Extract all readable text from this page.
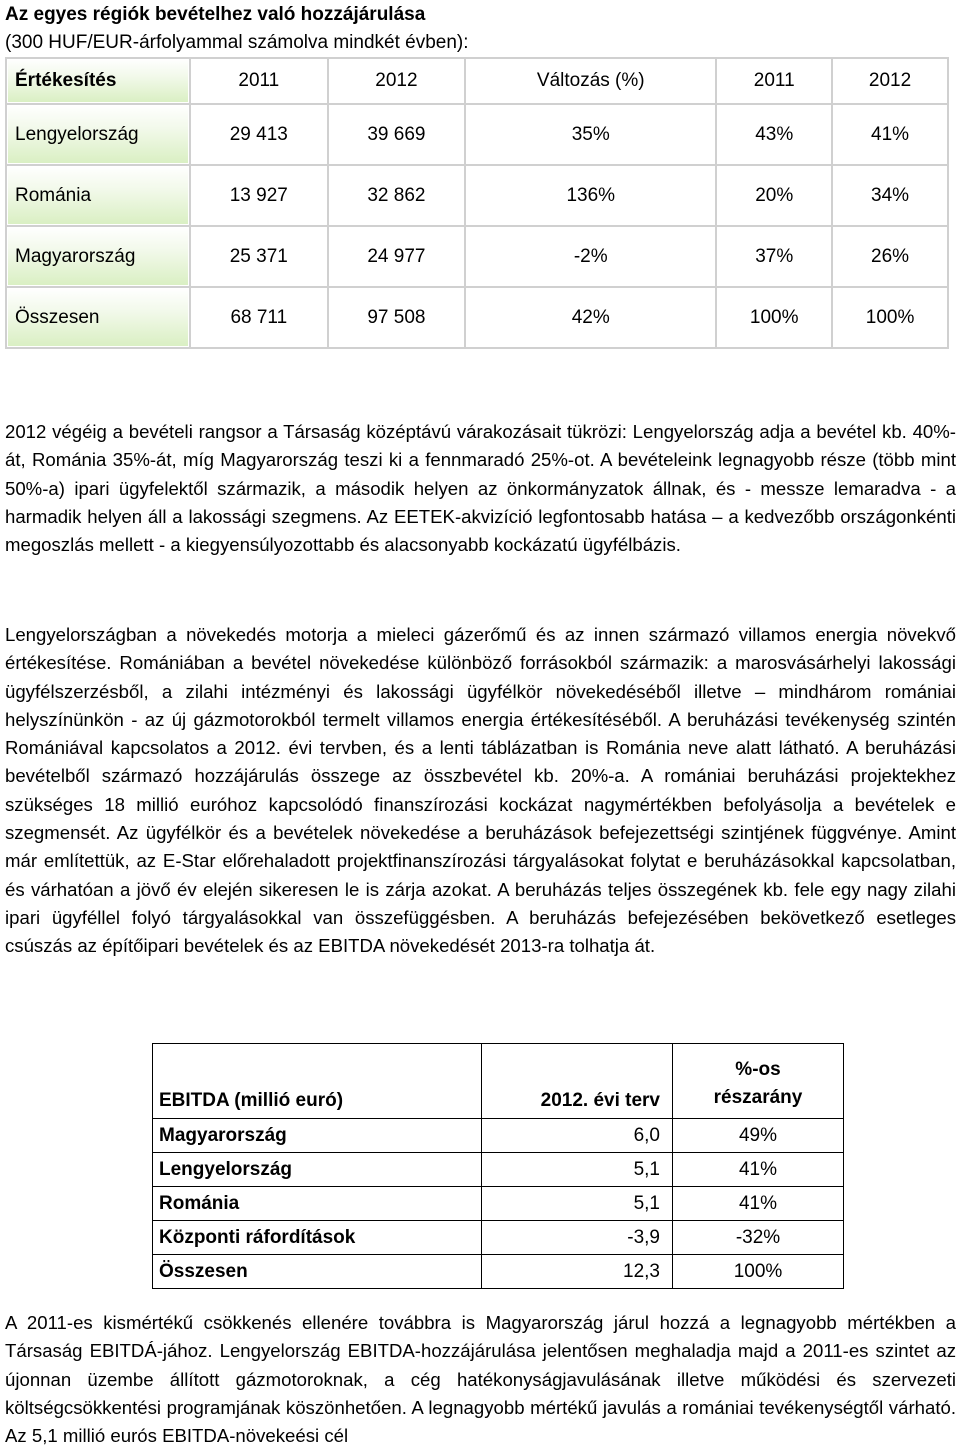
Az egyes régiók bevételhez való hozzájárulása
(300 HUF/EUR-árfolyammal számolva mindkét évben):
Értékesítés	2011	2012	Változás (%)	2011	2012
Lengyelország	29 413	39 669	35%	43%	41%
Románia	13 927	32 862	136%	20%	34%
Magyarország	25 371	24 977	-2%	37%	26%
Összesen	68 711	97 508	42%	100%	100%

2012 végéig a bevételi rangsor a Társaság középtávú várakozásait tükrözi: Lengyelország adja a bevétel kb. 40%-át, Románia 35%-át, míg Magyarország teszi ki a fennmaradó 25%-ot. A bevételeink legnagyobb része (több mint 50%-a) ipari ügyfelektől származik, a második helyen az önkormányzatok állnak, és - messze lemaradva - a harmadik helyen áll a lakossági szegmens. Az EETEK-akvizíció legfontosabb hatása – a kedvezőbb országonkénti megoszlás mellett - a kiegyensúlyozottabb és alacsonyabb kockázatú ügyfélbázis.

Lengyelországban a növekedés motorja a mieleci gázerőmű és az innen származó villamos energia növekvő értékesítése. Romániában a bevétel növekedése különböző forrásokból származik: a marosvásárhelyi lakossági ügyfélszerzésből, a zilahi intézményi és lakossági ügyfélkör növekedéséből illetve – mindhárom romániai helyszínünkön - az új gázmotorokból termelt villamos energia értékesítéséből. A beruházási tevékenység szintén Romániával kapcsolatos a 2012. évi tervben, és a lenti táblázatban is Románia neve alatt látható. A beruházási bevételből származó hozzájárulás összege az összbevétel kb. 20%-a. A romániai beruházási projektekhez szükséges 18 millió euróhoz kapcsolódó finanszírozási kockázat nagymértékben befolyásolja a bevételek e szegmensét. Az ügyfélkör és a bevételek növekedése a beruházások befejezettségi szintjének függvénye. Amint már említettük, az E-Star előrehaladott projektfinanszírozási tárgyalásokat folytat e beruházásokkal kapcsolatban, és várhatóan a jövő év elején sikeresen le is zárja azokat. A beruházás teljes összegének kb. fele egy nagy zilahi ipari ügyféllel folyó tárgyalásokkal van összefüggésben. A beruházás befejezésében bekövetkező esetleges csúszás az építőipari bevételek és az EBITDA növekedését 2013-ra tolhatja át.

EBITDA (millió euró)	2012. évi terv	%-os
részarány
Magyarország	6,0	49%
Lengyelország	5,1	41%
Románia	5,1	41%
Központi ráfordítások	-3,9	-32%
Összesen	12,3	100%

A 2011-es kismértékű csökkenés ellenére továbbra is Magyarország járul hozzá a legnagyobb mértékben a Társaság EBITDÁ-jához. Lengyelország EBITDA-hozzájárulása jelentősen meghaladja majd a 2011-es szintet az újonnan üzembe állított gázmotoroknak, a cég hatékonyságjavulásának illetve működési és szervezeti költségcsökkentési programjának köszönhetően. A legnagyobb mértékű javulás a romániai tevékenységtől várható. Az 5,1 millió eurós EBITDA-növekeési cél
